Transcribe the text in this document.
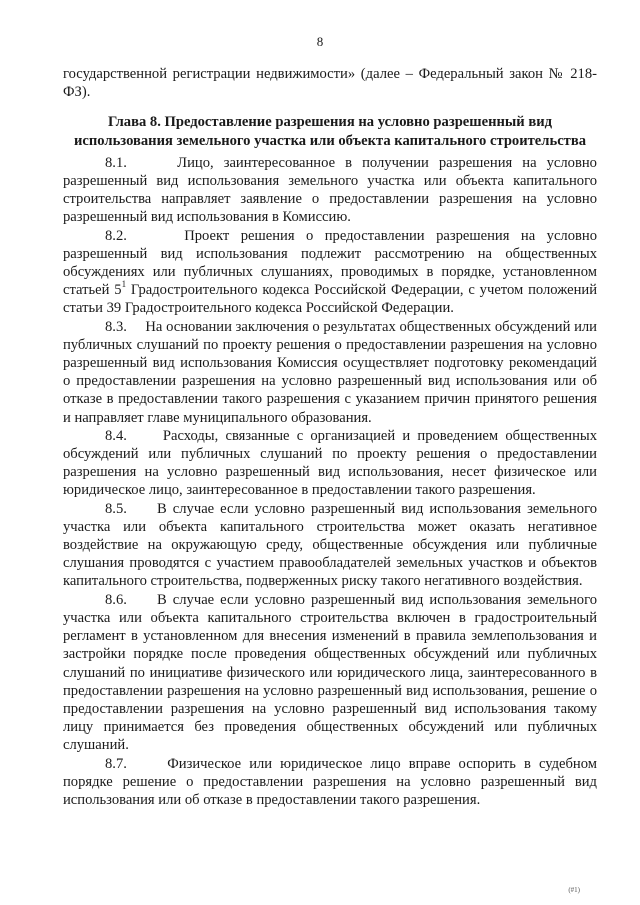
8

государственной регистрации недвижимости» (далее – Федеральный закон № 218-ФЗ).

Глава 8. Предоставление разрешения на условно разрешенный вид использования земельного участка или объекта капитального строительства

8.1.	Лицо, заинтересованное в получении разрешения на условно разрешенный вид использования земельного участка или объекта капитального строительства направляет заявление о предоставлении разрешения на условно разрешенный вид использования в Комиссию.

8.2.	Проект решения о предоставлении разрешения на условно разрешенный вид использования подлежит рассмотрению на общественных обсуждениях или публичных слушаниях, проводимых в порядке, установленном статьей $5^1$ Градостроительного кодекса Российской Федерации, с учетом положений статьи 39 Градостроительного кодекса Российской Федерации.

8.3. На основании заключения о результатах общественных обсуждений или публичных слушаний по проекту решения о предоставлении разрешения на условно разрешенный вид использования Комиссия осуществляет подготовку рекомендаций о предоставлении разрешения на условно разрешенный вид использования или об отказе в предоставлении такого разрешения с указанием причин принятого решения и направляет главе муниципального образования.

8.4. Расходы, связанные с организацией и проведением общественных обсуждений или публичных слушаний по проекту решения о предоставлении разрешения на условно разрешенный вид использования, несет физическое или юридическое лицо, заинтересованное в предоставлении такого разрешения.

8.5. В случае если условно разрешенный вид использования земельного участка или объекта капитального строительства может оказать негативное воздействие на окружающую среду, общественные обсуждения или публичные слушания проводятся с участием правообладателей земельных участков и объектов капитального строительства, подверженных риску такого негативного воздействия.

8.6. В случае если условно разрешенный вид использования земельного участка или объекта капитального строительства включен в градостроительный регламент в установленном для внесения изменений в правила землепользования и застройки порядке после проведения общественных обсуждений или публичных слушаний по инициативе физического или юридического лица, заинтересованного в предоставлении разрешения на условно разрешенный вид использования, решение о предоставлении разрешения на условно разрешенный вид использования такому лицу принимается без проведения общественных обсуждений или публичных слушаний.

8.7.	Физическое или юридическое лицо вправе оспорить в судебном порядке решение о предоставлении разрешения на условно разрешенный вид использования или об отказе в предоставлении такого разрешения.

(#1)
